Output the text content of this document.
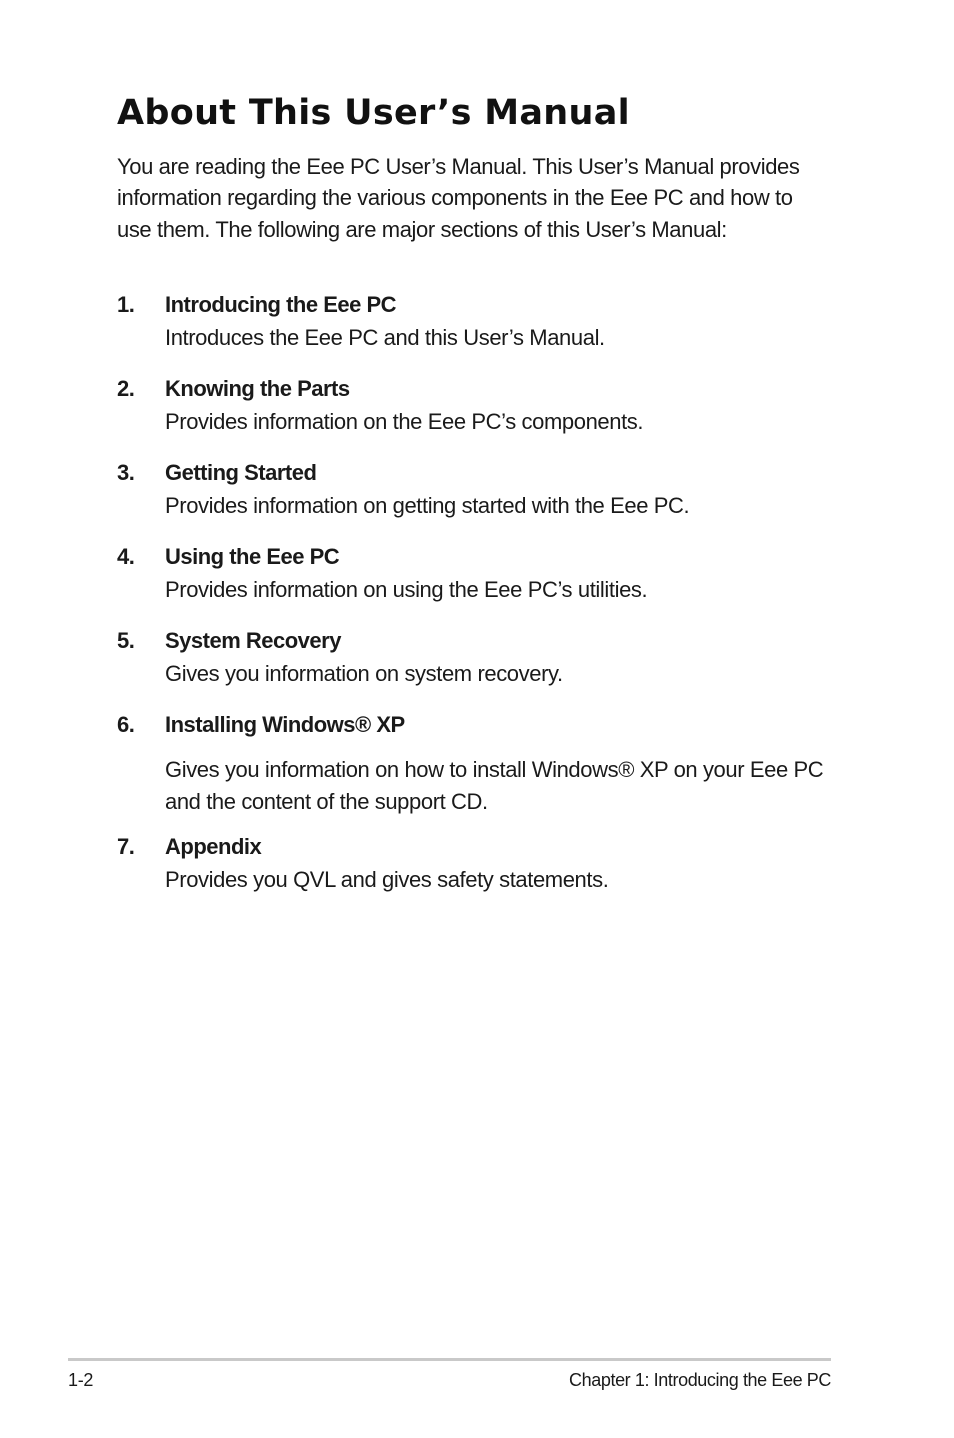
About This User’s Manual

You are reading the Eee PC User’s Manual. This User’s Manual provides information regarding the various components in the Eee PC and how to use them. The following are major sections of this User’s Manual:

1.	Introducing the Eee PC

Introduces the Eee PC and this User’s Manual.

2.	Knowing the Parts

Provides information on the Eee PC’s components.

3.	Getting Started

Provides information on getting started with the Eee PC.

4.	Using the Eee PC

Provides information on using the Eee PC’s utilities.

5.	System Recovery

Gives you information on system recovery.

6.	Installing Windows® XP

Gives you information on how to install Windows® XP on your Eee PC and the content of the support CD.

7.	Appendix

Provides you QVL and gives safety statements.

1-2	Chapter 1: Introducing the Eee PC
